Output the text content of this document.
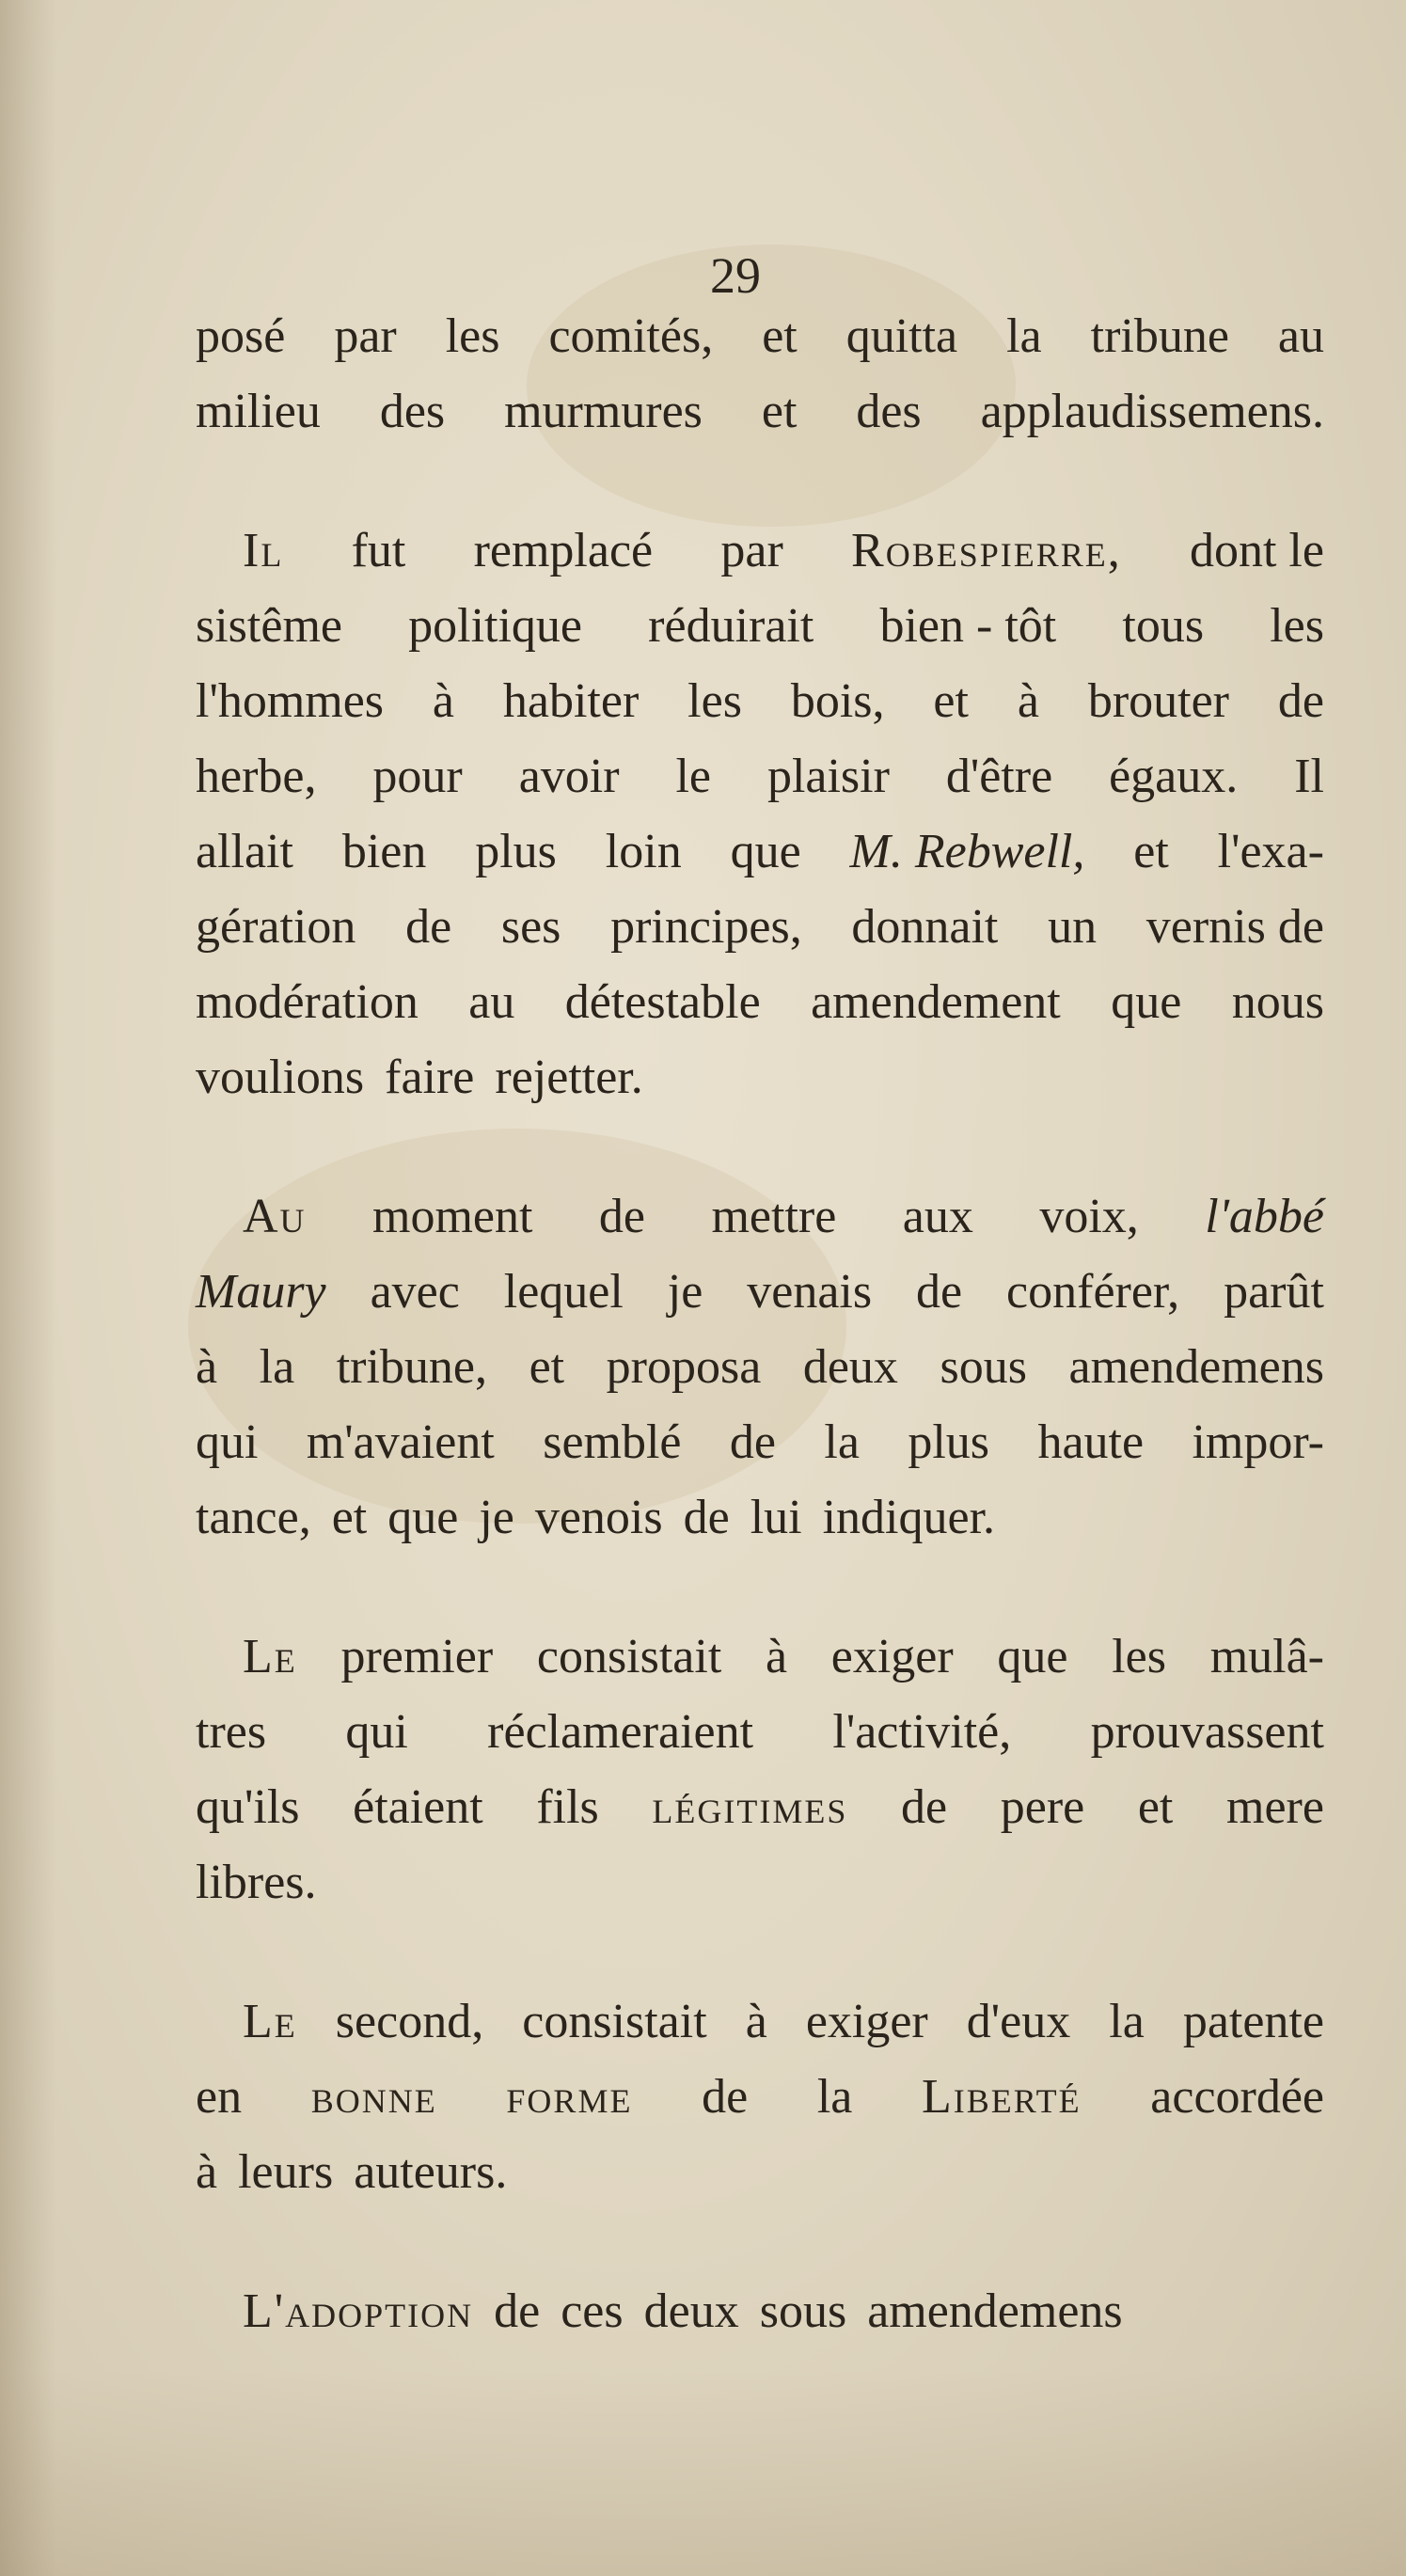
29
posé par les comités, et quitta la tribune au
milieu des murmures et des applaudissemens.
Il fut remplacé par Robespierre, dont le
sistême politique réduirait bien - tôt tous les
l'hommes à habiter les bois, et à brouter de
herbe, pour avoir le plaisir d'être égaux. Il
allait bien plus loin que M. Rebwell, et l'exa-
gération de ses principes, donnait un vernis de
modération au détestable amendement que nous
voulions faire rejetter.
Au moment de mettre aux voix, l'abbé
Maury avec lequel je venais de conférer, parût
à la tribune, et proposa deux sous amendemens
qui m'avaient semblé de la plus haute impor-
tance, et que je venois de lui indiquer.
Le premier consistait à exiger que les mulâ-
tres qui réclameraient l'activité, prouvassent
qu'ils étaient fils légitimes de pere et mere
libres.
Le second, consistait à exiger d'eux la patente
en bonne forme de la Liberté accordée
à leurs auteurs.
L'adoption de ces deux sous amendemens
